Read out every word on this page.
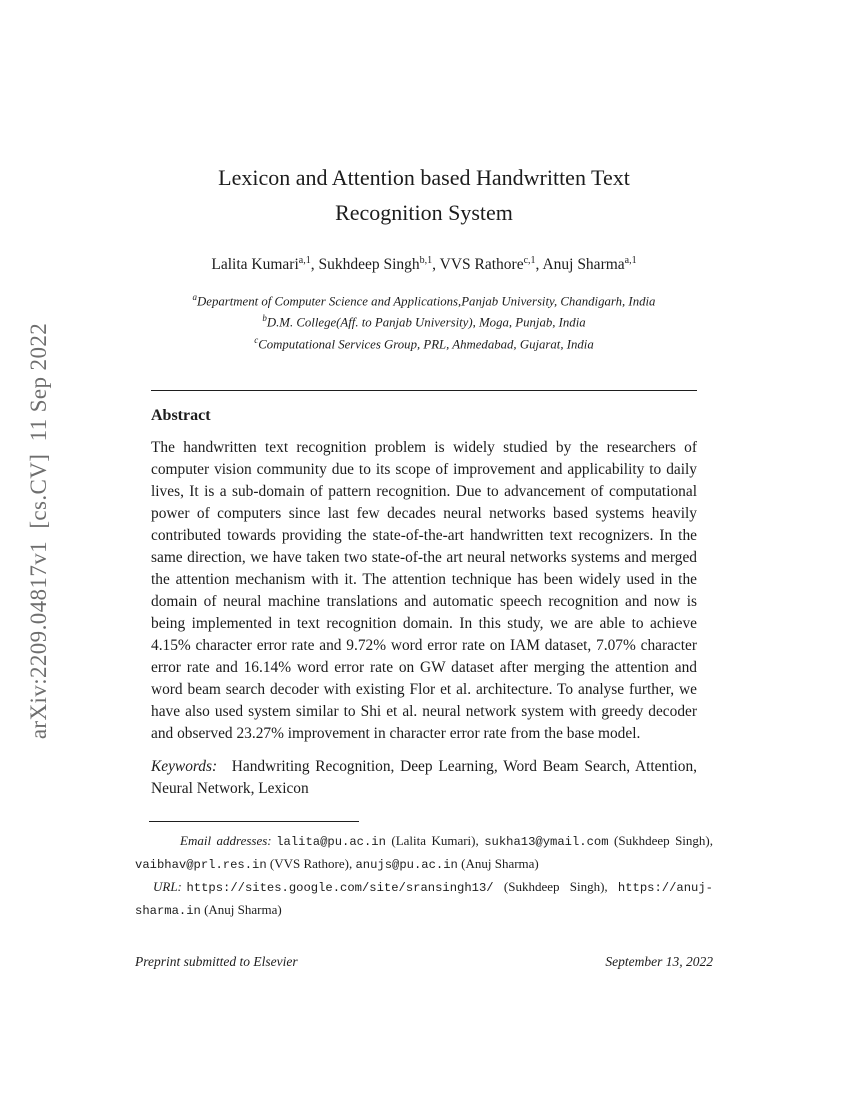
arXiv:2209.04817v1  [cs.CV]  11 Sep 2022
Lexicon and Attention based Handwritten Text Recognition System

Lalita Kumari$^{a,1}$, Sukhdeep Singh$^{b,1}$, VVS Rathore$^{c,1}$, Anuj Sharma$^{a,1}$

$^a$Department of Computer Science and Applications,Panjab University, Chandigarh, India
$^b$D.M. College(Aff. to Panjab University), Moga, Punjab, India
$^c$Computational Services Group, PRL, Ahmedabad, Gujarat, India
Abstract

The handwritten text recognition problem is widely studied by the researchers of computer vision community due to its scope of improvement and applicability to daily lives, It is a sub-domain of pattern recognition. Due to advancement of computational power of computers since last few decades neural networks based systems heavily contributed towards providing the state-of-the-art handwritten text recognizers. In the same direction, we have taken two state-of-the art neural networks systems and merged the attention mechanism with it. The attention technique has been widely used in the domain of neural machine translations and automatic speech recognition and now is being implemented in text recognition domain. In this study, we are able to achieve 4.15% character error rate and 9.72% word error rate on IAM dataset, 7.07% character error rate and 16.14% word error rate on GW dataset after merging the attention and word beam search decoder with existing Flor et al. architecture. To analyse further, we have also used system similar to Shi et al. neural network system with greedy decoder and observed 23.27% improvement in character error rate from the base model.

Keywords: Handwriting Recognition, Deep Learning, Word Beam Search, Attention, Neural Network, Lexicon

Email addresses: lalita@pu.ac.in (Lalita Kumari), sukha13@ymail.com (Sukhdeep Singh), vaibhav@prl.res.in (VVS Rathore), anujs@pu.ac.in (Anuj Sharma)

URL: https://sites.google.com/site/sransingh13/ (Sukhdeep Singh), https://anuj-sharma.in (Anuj Sharma)

Preprint submitted to Elsevier	September 13, 2022
